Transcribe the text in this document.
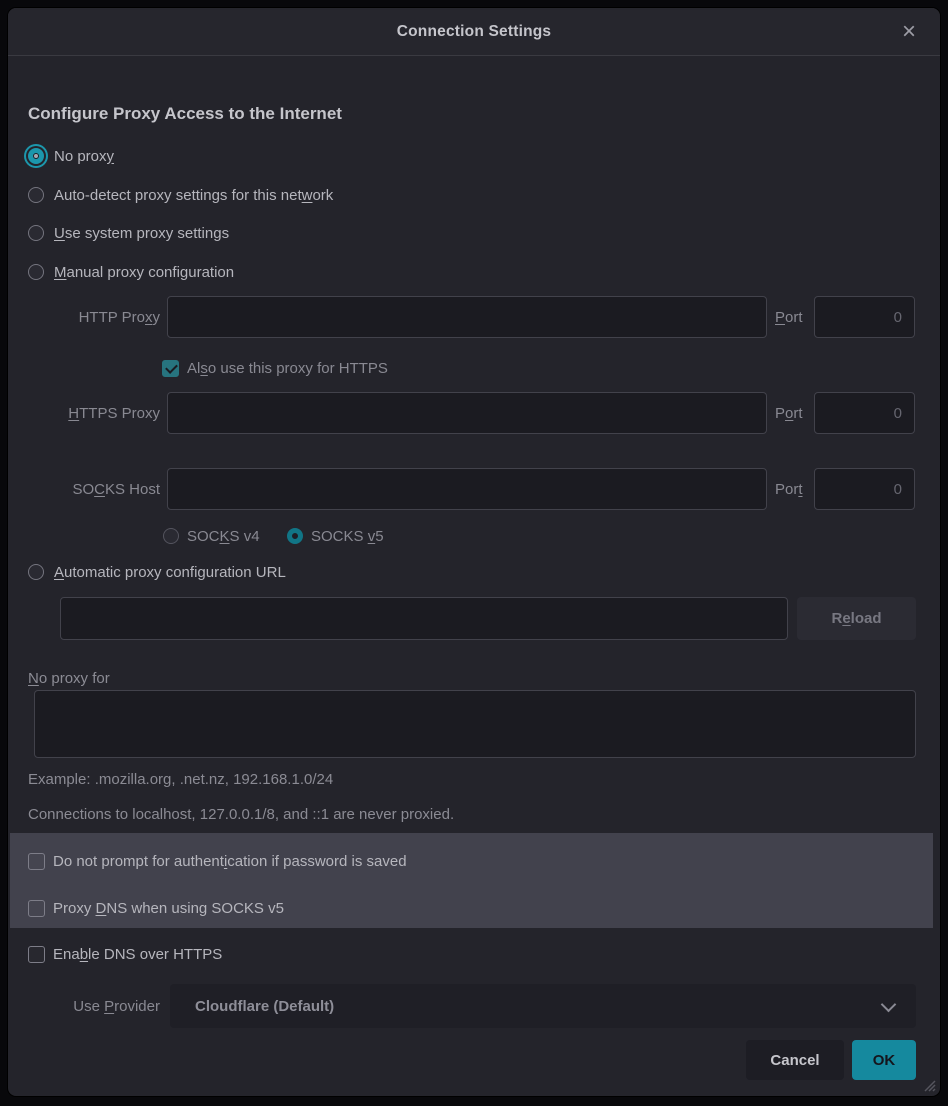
Connection Settings	×
Configure Proxy Access to the Internet
No proxy
Auto-detect proxy settings for this network
Use system proxy settings
Manual proxy configuration
HTTP Proxy	Port
0
Also use this proxy for HTTPS
HTTPS Proxy	Port
0
SOCKS Host	Port
0
SOCKS v4	SOCKS v5
Automatic proxy configuration URL
Reload
No proxy for
Example: .mozilla.org, .net.nz, 192.168.1.0/24
Connections to localhost, 127.0.0.1/8, and ::1 are never proxied.
Do not prompt for authentication if password is saved
Proxy DNS when using SOCKS v5
Enable DNS over HTTPS
Use Provider Cloudflare (Default)
Cancel	OK
